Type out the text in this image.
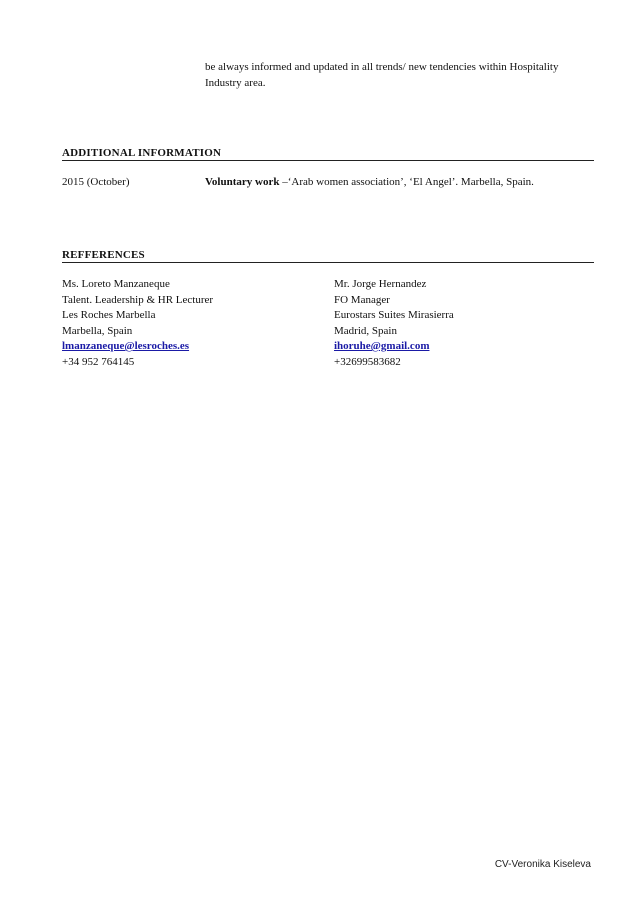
be always informed and updated in all trends/ new tendencies within Hospitality Industry area.

ADDITIONAL INFORMATION
2015 (October)	Voluntary work –‘Arab women association’, ‘El Angel’. Marbella, Spain.
REFFERENCES
Ms. Loreto Manzaneque
Talent. Leadership & HR Lecturer
Les Roches Marbella
Marbella, Spain
lmanzaneque@lesroches.es
+34 952 764145
Mr. Jorge Hernandez
FO Manager
Eurostars Suites Mirasierra
Madrid, Spain
ihoruhe@gmail.com
+32699583682
CV-Veronika Kiseleva
